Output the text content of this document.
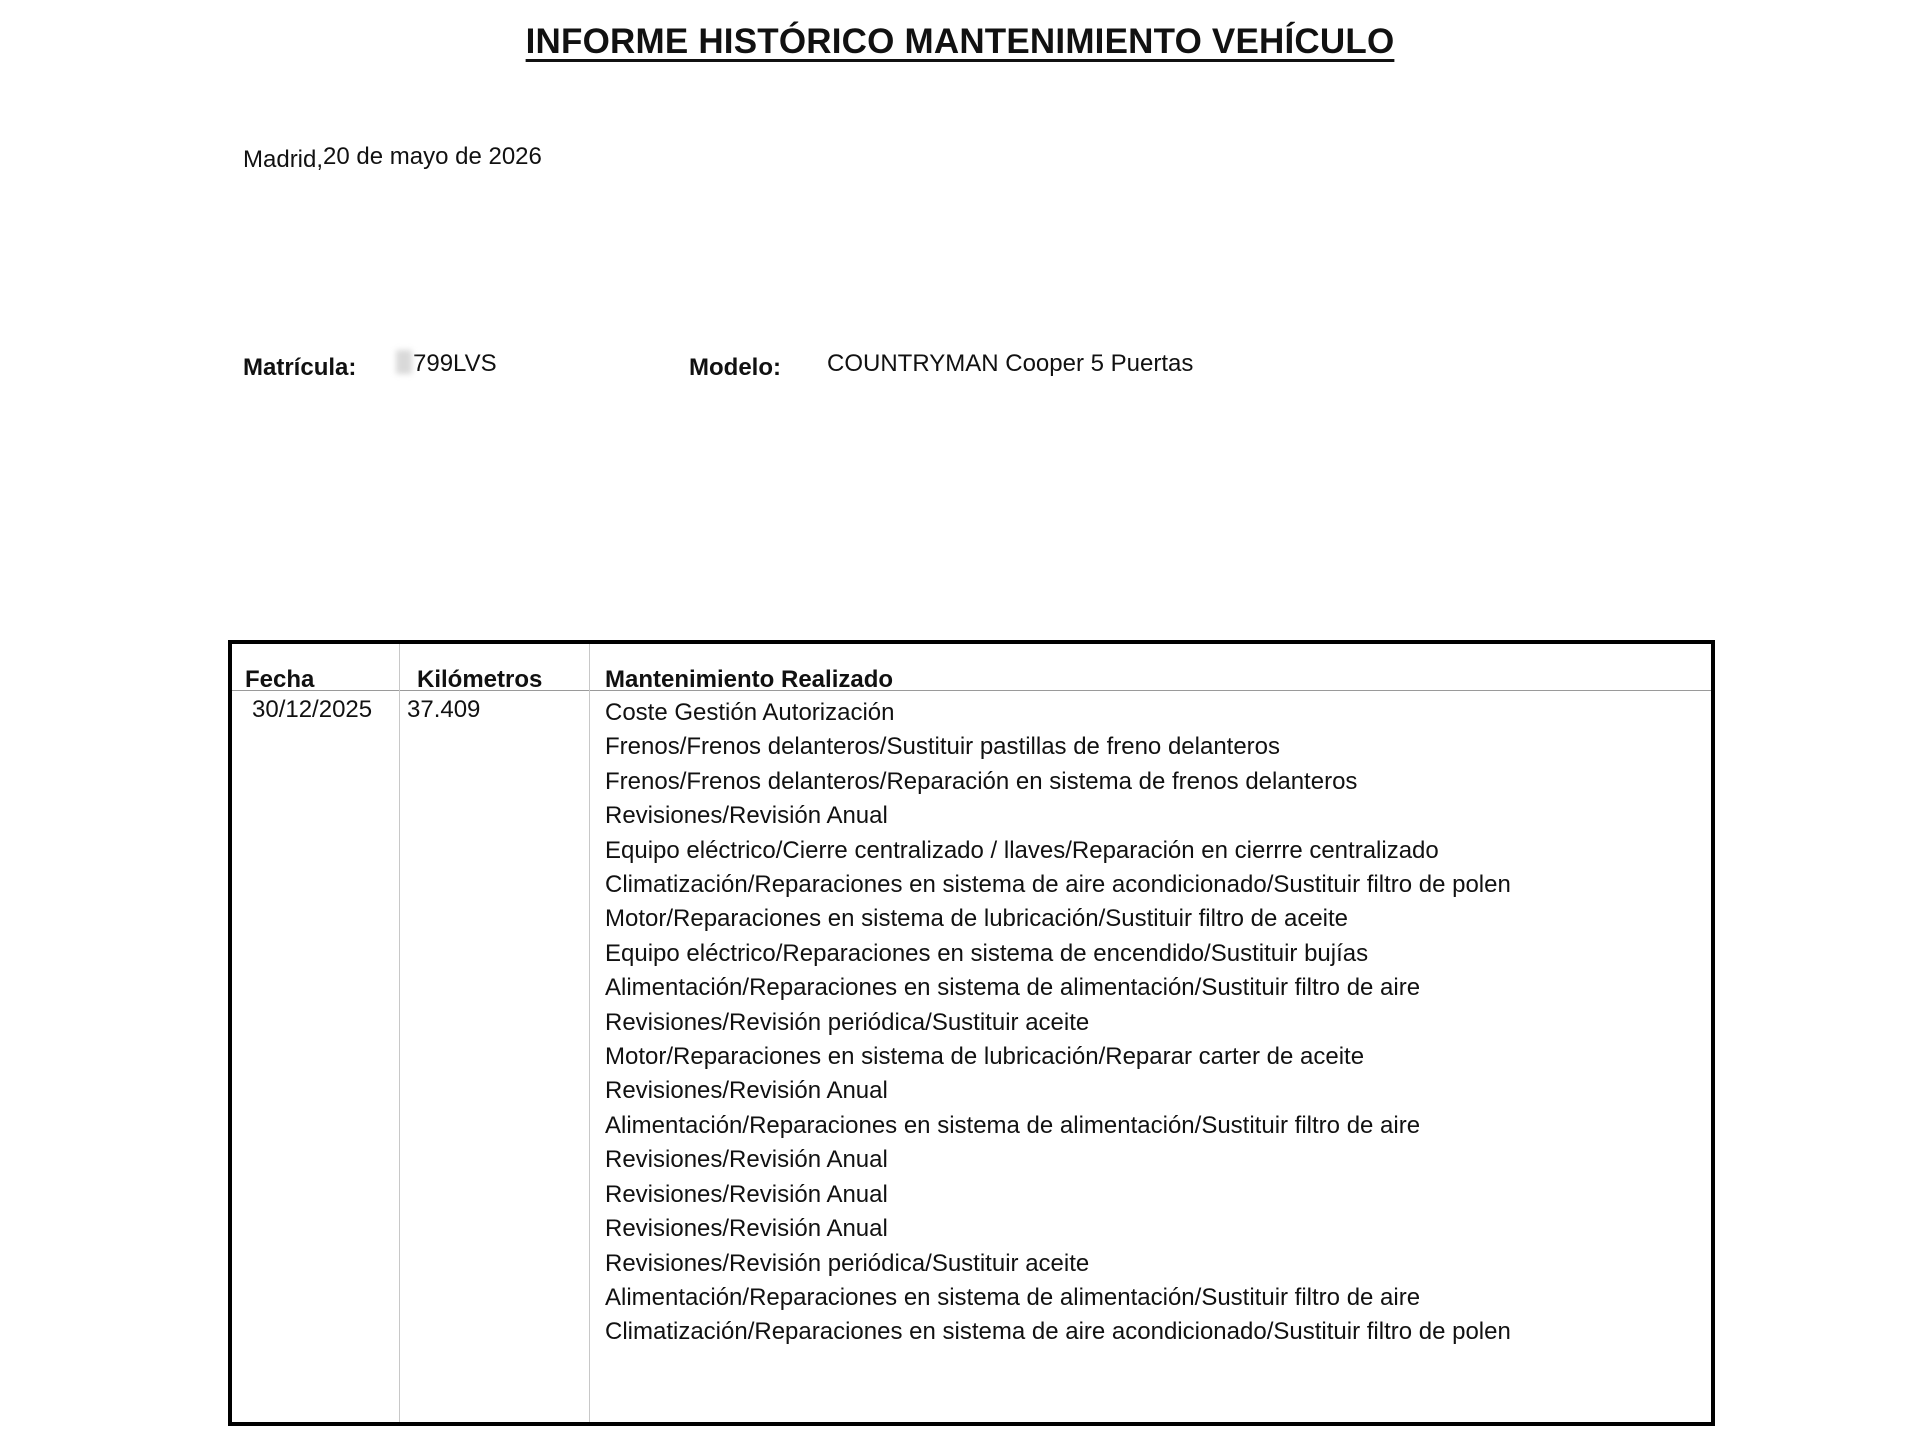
INFORME HISTÓRICO MANTENIMIENTO VEHÍCULO
Madrid,20 de mayo de 2026
Matrícula:	799LVS	Modelo: COUNTRYMAN Cooper 5 Puertas
Fecha	Kilómetros	Mantenimiento Realizado
30/12/2025 37.409	Coste Gestión Autorización
Frenos/Frenos delanteros/Sustituir pastillas de freno delanteros
Frenos/Frenos delanteros/Reparación en sistema de frenos delanteros
Revisiones/Revisión Anual
Equipo eléctrico/Cierre centralizado / llaves/Reparación en cierrre centralizado
Climatización/Reparaciones en sistema de aire acondicionado/Sustituir filtro de polen
Motor/Reparaciones en sistema de lubricación/Sustituir filtro de aceite
Equipo eléctrico/Reparaciones en sistema de encendido/Sustituir bujías
Alimentación/Reparaciones en sistema de alimentación/Sustituir filtro de aire
Revisiones/Revisión periódica/Sustituir aceite
Motor/Reparaciones en sistema de lubricación/Reparar carter de aceite
Revisiones/Revisión Anual
Alimentación/Reparaciones en sistema de alimentación/Sustituir filtro de aire
Revisiones/Revisión Anual
Revisiones/Revisión Anual
Revisiones/Revisión Anual
Revisiones/Revisión periódica/Sustituir aceite
Alimentación/Reparaciones en sistema de alimentación/Sustituir filtro de aire
Climatización/Reparaciones en sistema de aire acondicionado/Sustituir filtro de polen
